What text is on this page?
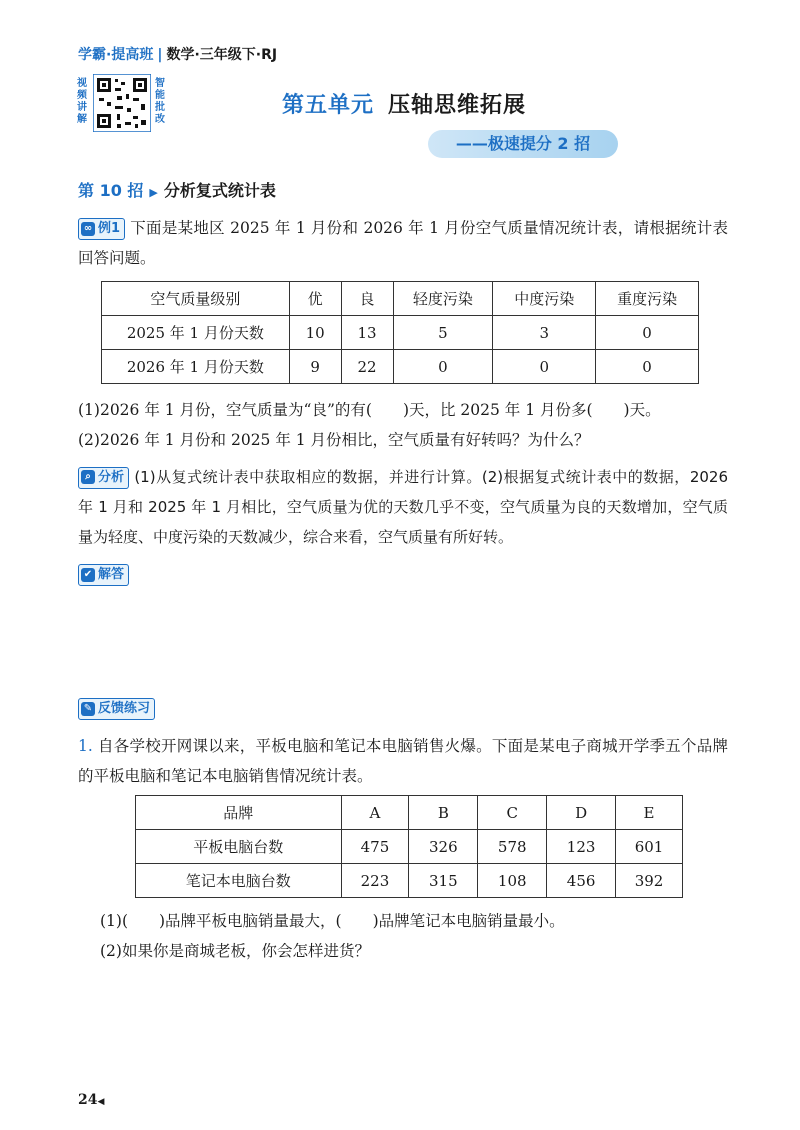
学霸·提高班 | 数学·三年级下·RJ
视频讲解
智能批改
第五单元 压轴思维拓展
——极速提分 2 招
第 10 招 ▶ 分析复式统计表
∞ 例1 下面是某地区 2025 年 1 月份和 2026 年 1 月份空气质量情况统计表，请根据统计表回答问题。
空气质量级别	优	良	轻度污染	中度污染	重度污染
2025 年 1 月份天数	10	13	5	3	0
2026 年 1 月份天数	9	22	0	0	0
(1)2026 年 1 月份，空气质量为“良”的有(　　)天，比 2025 年 1 月份多(　　)天。
(2)2026 年 1 月份和 2025 年 1 月份相比，空气质量有好转吗？为什么？
⌕ 分析 (1)从复式统计表中获取相应的数据，并进行计算。(2)根据复式统计表中的数据，2026 年 1 月和 2025 年 1 月相比，空气质量为优的天数几乎不变，空气质量为良的天数增加，空气质量为轻度、中度污染的天数减少，综合来看，空气质量有所好转。
✔ 解答
✎ 反馈练习
1. 自各学校开网课以来，平板电脑和笔记本电脑销售火爆。下面是某电子商城开学季五个品牌的平板电脑和笔记本电脑销售情况统计表。
品牌	A	B	C	D	E
平板电脑台数	475	326	578	123	601
笔记本电脑台数	223	315	108	456	392
(1)(　　)品牌平板电脑销量最大，(　　)品牌笔记本电脑销量最小。
(2)如果你是商城老板，你会怎样进货？
24◀
